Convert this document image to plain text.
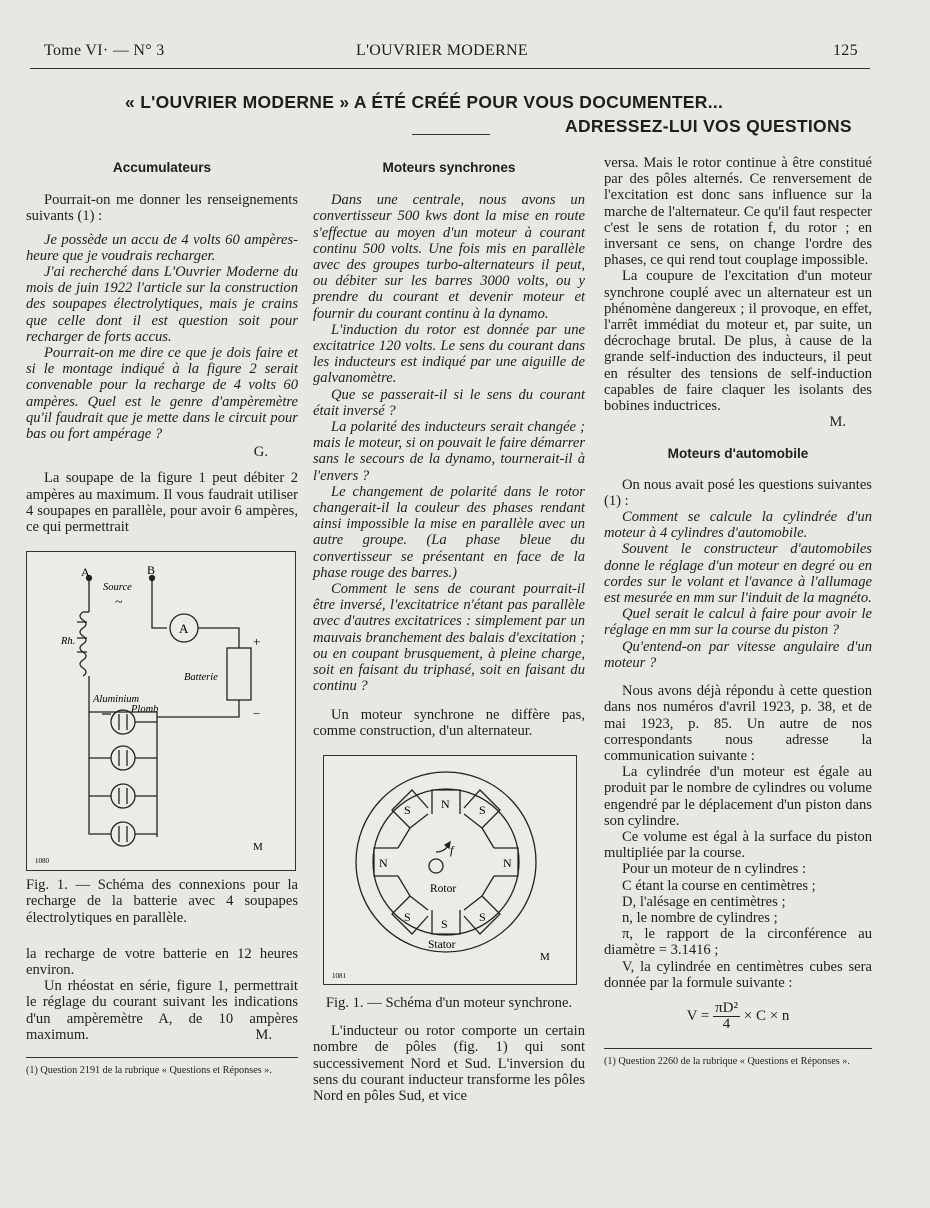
Tome VI· — N° 3	L'OUVRIER MODERNE	125
« L'OUVRIER MODERNE » A ÉTÉ CRÉÉ POUR VOUS DOCUMENTER...
ADRESSEZ-LUI VOS QUESTIONS
Accumulateurs

Pourrait-on me donner les renseignements suivants (1) :

Je possède un accu de 4 volts 60 ampères-heure que je voudrais recharger.

J'ai recherché dans L'Ouvrier Moderne du mois de juin 1922 l'article sur la construction des soupapes électrolytiques, mais je crains que celle dont il est question soit pour recharger de forts accus.

Pourrait-on me dire ce que je dois faire et si le montage indiqué à la figure 2 serait convenable pour la recharge de 4 volts 60 ampères. Quel est le genre d'ampèremètre qu'il faudrait que je mette dans le circuit pour bas ou fort ampérage ?

G.

La soupape de la figure 1 peut débiter 2 ampères au maximum. Il vous faudrait utiliser 4 soupapes en parallèle, pour avoir 6 ampères, ce qui permettrait

A	B
Source
~
Rh.
A
+
−
Batterie
Aluminium
Plomb
1080
M

Fig. 1. — Schéma des connexions pour la recharge de la batterie avec 4 soupapes électrolytiques en parallèle.

la recharge de votre batterie en 12 heures environ.

Un rhéostat en série, figure 1, permettrait le réglage du courant suivant les indications d'un ampèremètre A, de 10 ampères maximum.	M.

(1) Question 2191 de la rubrique « Questions et Réponses ».

Moteurs synchrones

Dans une centrale, nous avons un convertisseur 500 kws dont la mise en route s'effectue au moyen d'un moteur à courant continu 500 volts. Une fois mis en parallèle avec des groupes turbo-alternateurs il peut, ou débiter sur les barres 3000 volts, ou y prendre du courant et devenir moteur et fournir du courant continu à la dynamo.

L'induction du rotor est donnée par une excitatrice 120 volts. Le sens du courant dans les inducteurs est indiqué par une aiguille de galvanomètre.

Que se passerait-il si le sens du courant était inversé ?

La polarité des inducteurs serait changée ; mais le moteur, si on pouvait le faire démarrer sans le secours de la dynamo, tournerait-il à l'envers ?

Le changement de polarité dans le rotor changerait-il la couleur des phases rendant ainsi impossible la mise en parallèle avec un autre groupe. (La phase bleue du convertisseur se présentant en face de la phase rouge des barres.)

Comment le sens de courant pourrait-il être inversé, l'excitatrice n'étant pas parallèle avec d'autres excitatrices : simplement par un mauvais branchement des balais d'excitation ; ou en coupant brusquement, à pleine charge, soit en faisant du triphasé, soit en faisant du continu ?

Un moteur synchrone ne diffère pas, comme construction, d'un alternateur.

N
S
N	N
S	S
S	S
f
Rotor
Stator
1081
M

Fig. 1. — Schéma d'un moteur synchrone.

L'inducteur ou rotor comporte un certain nombre de pôles (fig. 1) qui sont successivement Nord et Sud. L'inversion du sens du courant inducteur transforme les pôles Nord en pôles Sud, et vice

versa. Mais le rotor continue à être constitué par des pôles alternés. Ce renversement de l'excitation est donc sans influence sur la marche de l'alternateur. Ce qu'il faut respecter c'est le sens de rotation f, du rotor ; en inversant ce sens, on change l'ordre des phases, ce qui rend tout couplage impossible.

La coupure de l'excitation d'un moteur synchrone couplé avec un alternateur est un phénomène dangereux ; il provoque, en effet, l'arrêt immédiat du moteur et, par suite, un décrochage brutal. De plus, à cause de la grande self-induction des inducteurs, il peut en résulter des tensions de self-induction capables de faire claquer les isolants des bobines inductrices.

M.

Moteurs d'automobile

On nous avait posé les questions suivantes (1) :

Comment se calcule la cylindrée d'un moteur à 4 cylindres d'automobile.

Souvent le constructeur d'automobiles donne le réglage d'un moteur en degré ou en cordes sur le volant et l'avance à l'allumage est mesurée en mm sur l'induit de la magnéto.

Quel serait le calcul à faire pour avoir le réglage en mm sur la course du piston ?

Qu'entend-on par vitesse angulaire d'un moteur ?

Nous avons déjà répondu à cette question dans nos numéros d'avril 1923, p. 38, et de mai 1923, p. 85. Un autre de nos correspondants nous adresse la communication suivante :

La cylindrée d'un moteur est égale au produit par le nombre de cylindres ou volume engendré par le déplacement d'un piston dans son cylindre.

Ce volume est égal à la surface du piston multipliée par la course.

Pour un moteur de n cylindres :

C étant la course en centimètres ;

D, l'alésage en centimètres ;

n, le nombre de cylindres ;

π, le rapport de la circonférence au diamètre = 3.1416 ;

V, la cylindrée en centimètres cubes sera donnée par la formule suivante :

$V = \frac{\text{πD²}}{4} \times C \times n$

(1) Question 2260 de la rubrique « Questions et Réponses ».
